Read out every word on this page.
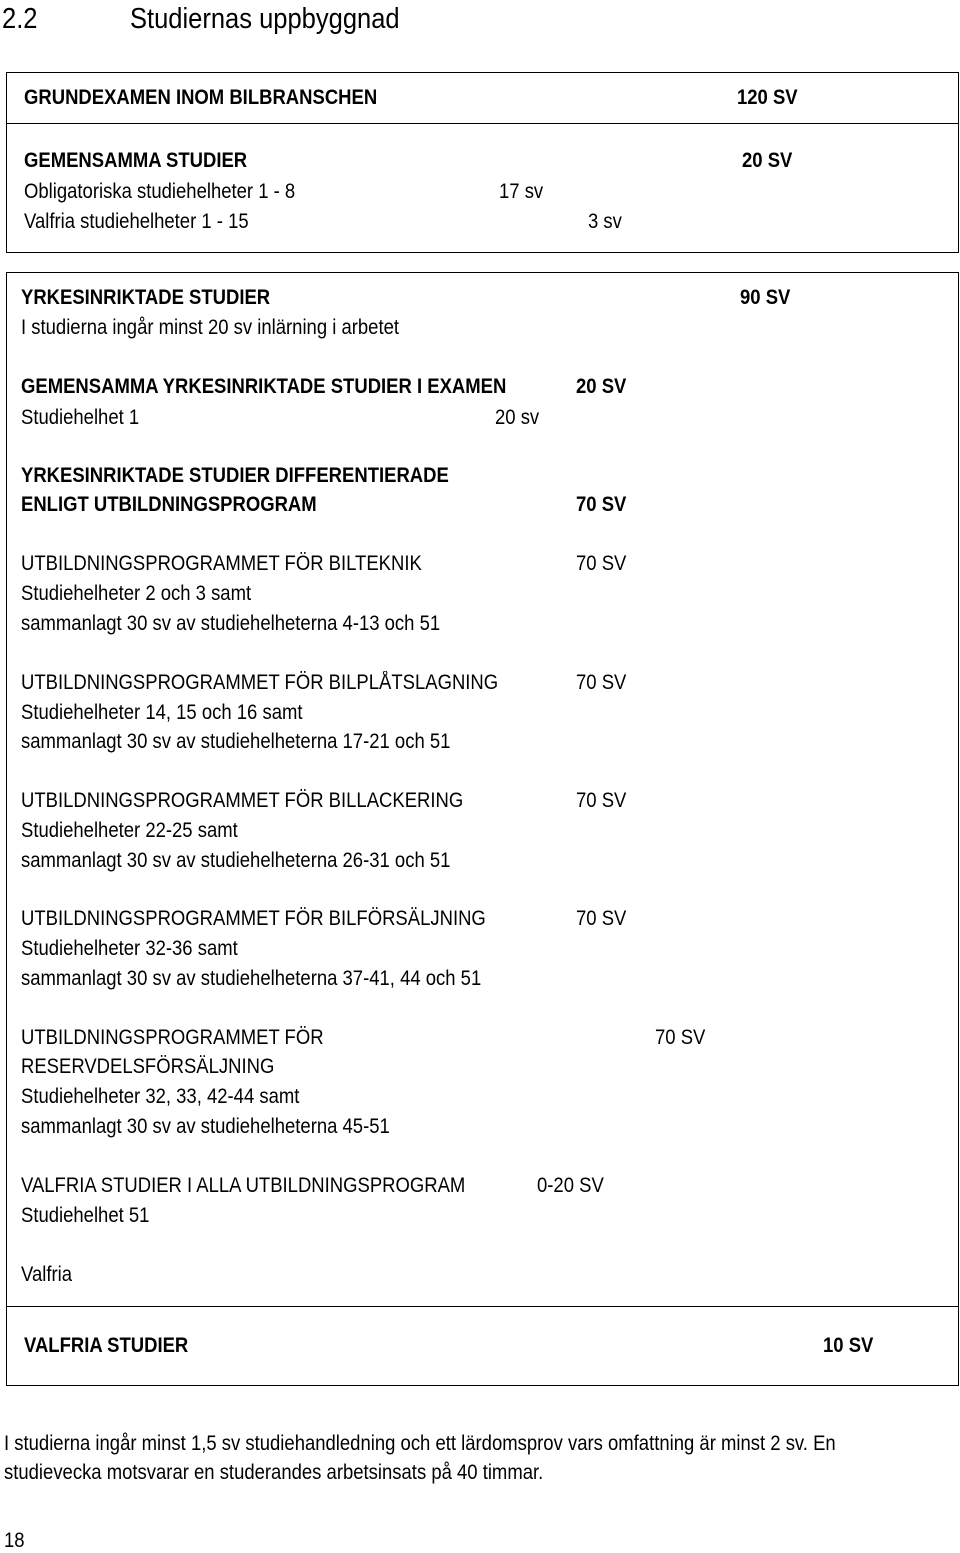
2.2	Studiernas uppbyggnad
GRUNDEXAMEN INOM BILBRANSCHEN	120 SV
GEMENSAMMA STUDIER	20 SV
Obligatoriska studiehelheter 1 - 8	17 sv
Valfria studiehelheter 1 - 15	3 sv
YRKESINRIKTADE STUDIER	90 SV
I studierna ingår minst 20 sv inlärning i arbetet
GEMENSAMMA YRKESINRIKTADE STUDIER I EXAMEN	20 SV
Studiehelhet 1	20 sv
YRKESINRIKTADE STUDIER DIFFERENTIERADE
ENLIGT UTBILDNINGSPROGRAM	70 SV
UTBILDNINGSPROGRAMMET FÖR BILTEKNIK	70 SV
Studiehelheter 2 och 3 samt
sammanlagt 30 sv av studiehelheterna 4-13 och 51
UTBILDNINGSPROGRAMMET FÖR BILPLÅTSLAGNING	70 SV
Studiehelheter 14, 15 och 16 samt
sammanlagt 30 sv av studiehelheterna 17-21 och 51
UTBILDNINGSPROGRAMMET FÖR BILLACKERING	70 SV
Studiehelheter 22-25 samt
sammanlagt 30 sv av studiehelheterna 26-31 och 51
UTBILDNINGSPROGRAMMET FÖR BILFÖRSÄLJNING	70 SV
Studiehelheter 32-36 samt
sammanlagt 30 sv av studiehelheterna 37-41, 44 och 51
UTBILDNINGSPROGRAMMET FÖR	70 SV
RESERVDELSFÖRSÄLJNING
Studiehelheter 32, 33, 42-44 samt
sammanlagt 30 sv av studiehelheterna 45-51
VALFRIA STUDIER I ALLA UTBILDNINGSPROGRAM	0-20 SV
Studiehelhet 51
Valfria
VALFRIA STUDIER	10 SV
I studierna ingår minst 1,5 sv studiehandledning och ett lärdomsprov vars omfattning är minst 2 sv. En
studievecka motsvarar en studerandes arbetsinsats på 40 timmar.
18
